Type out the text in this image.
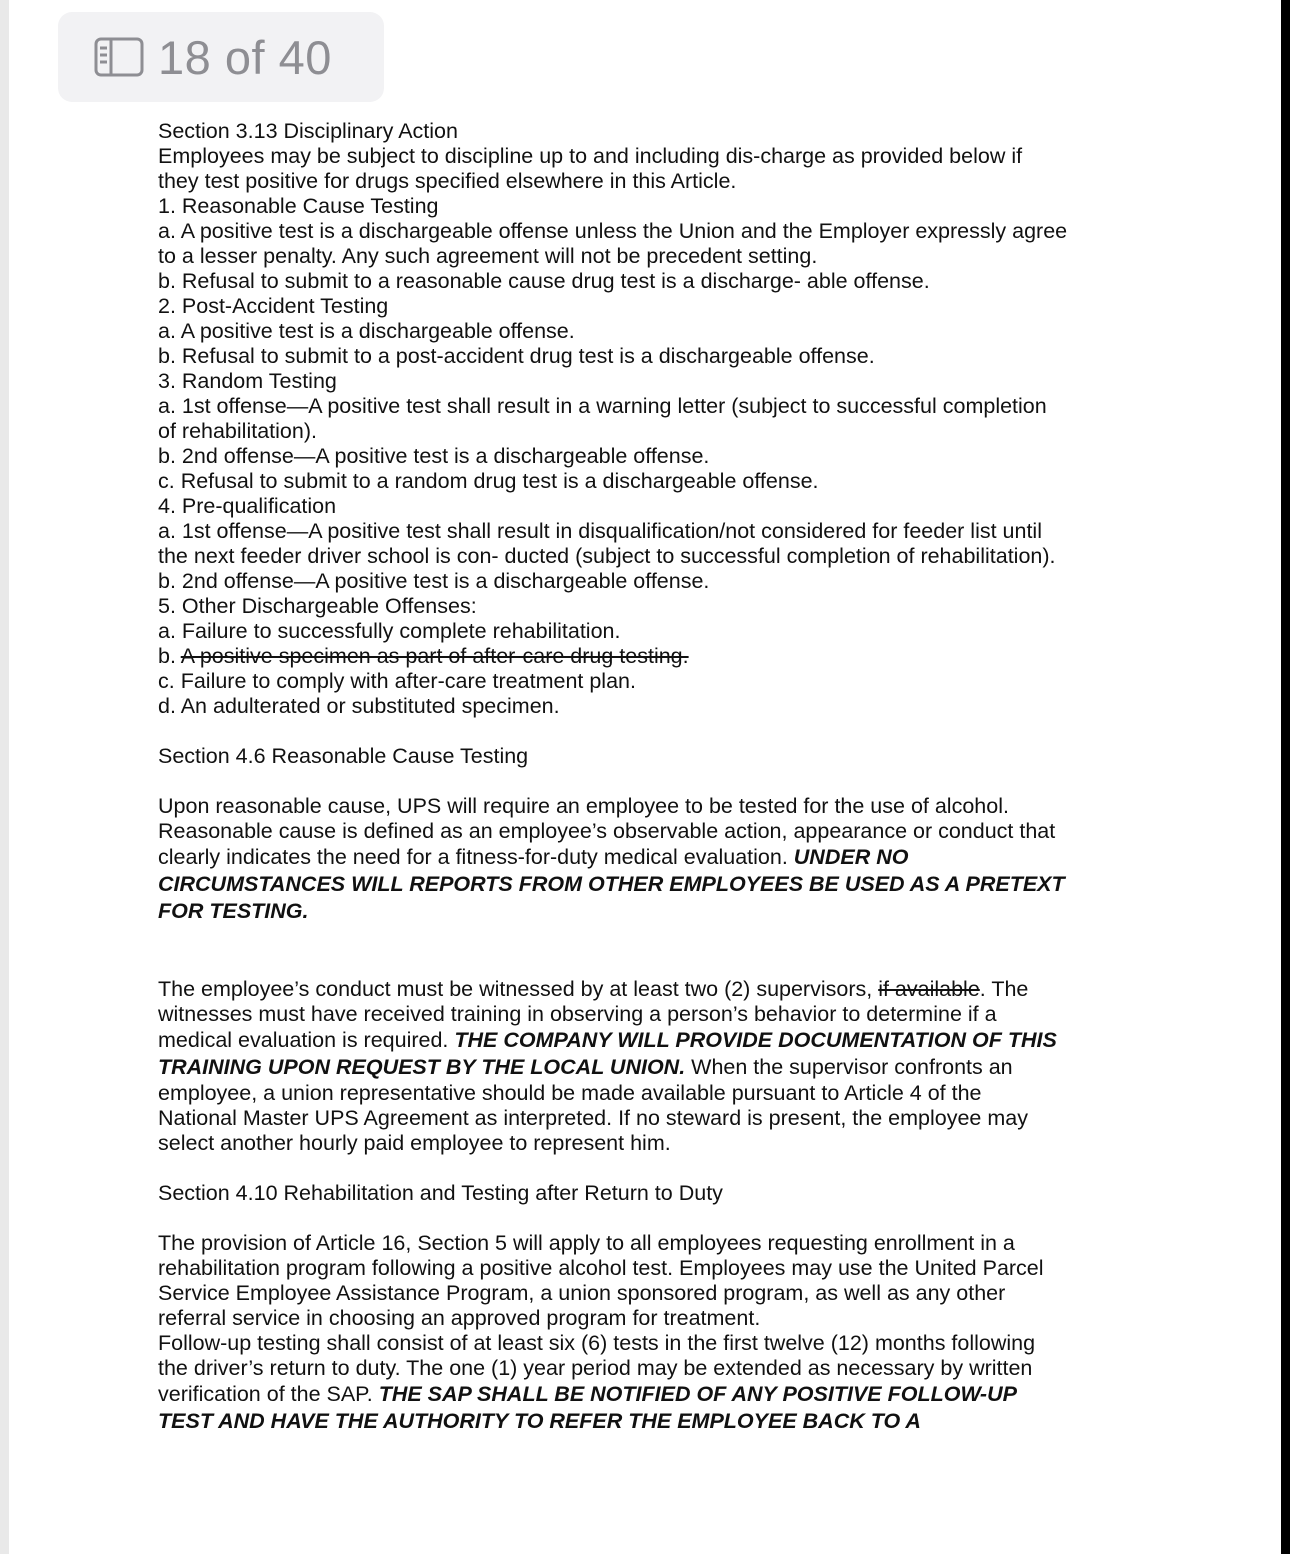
18 of 40
Section 3.13 Disciplinary Action
Employees may be subject to discipline up to and including dis-charge as provided below if
they test positive for drugs specified elsewhere in this Article.
1. Reasonable Cause Testing
a. A positive test is a dischargeable offense unless the Union and the Employer expressly agree
to a lesser penalty. Any such agreement will not be precedent setting.
b. Refusal to submit to a reasonable cause drug test is a discharge- able offense.
2. Post-Accident Testing
a. A positive test is a dischargeable offense.
b. Refusal to submit to a post-accident drug test is a dischargeable offense.
3. Random Testing
a. 1st offense—A positive test shall result in a warning letter (subject to successful completion
of rehabilitation).
b. 2nd offense—A positive test is a dischargeable offense.
c. Refusal to submit to a random drug test is a dischargeable offense.
4. Pre-qualification
a. 1st offense—A positive test shall result in disqualification/not considered for feeder list until
the next feeder driver school is con- ducted (subject to successful completion of rehabilitation).
b. 2nd offense—A positive test is a dischargeable offense.
5. Other Dischargeable Offenses:
a. Failure to successfully complete rehabilitation.
b. A positive specimen as part of after-care drug testing.
c. Failure to comply with after-care treatment plan.
d. An adulterated or substituted specimen.
Section 4.6 Reasonable Cause Testing
Upon reasonable cause, UPS will require an employee to be tested for the use of alcohol.
Reasonable cause is defined as an employee’s observable action, appearance or conduct that
clearly indicates the need for a fitness-for-duty medical evaluation. UNDER NO
CIRCUMSTANCES WILL REPORTS FROM OTHER EMPLOYEES BE USED AS A PRETEXT
FOR TESTING.
The employee’s conduct must be witnessed by at least two (2) supervisors, if available. The
witnesses must have received training in observing a person’s behavior to determine if a
medical evaluation is required. THE COMPANY WILL PROVIDE DOCUMENTATION OF THIS
TRAINING UPON REQUEST BY THE LOCAL UNION. When the supervisor confronts an
employee, a union representative should be made available pursuant to Article 4 of the
National Master UPS Agreement as interpreted. If no steward is present, the employee may
select another hourly paid employee to represent him.
Section 4.10 Rehabilitation and Testing after Return to Duty
The provision of Article 16, Section 5 will apply to all employees requesting enrollment in a
rehabilitation program following a positive alcohol test. Employees may use the United Parcel
Service Employee Assistance Program, a union sponsored program, as well as any other
referral service in choosing an approved program for treatment.
Follow-up testing shall consist of at least six (6) tests in the first twelve (12) months following
the driver’s return to duty. The one (1) year period may be extended as necessary by written
verification of the SAP. THE SAP SHALL BE NOTIFIED OF ANY POSITIVE FOLLOW-UP
TEST AND HAVE THE AUTHORITY TO REFER THE EMPLOYEE BACK TO A
